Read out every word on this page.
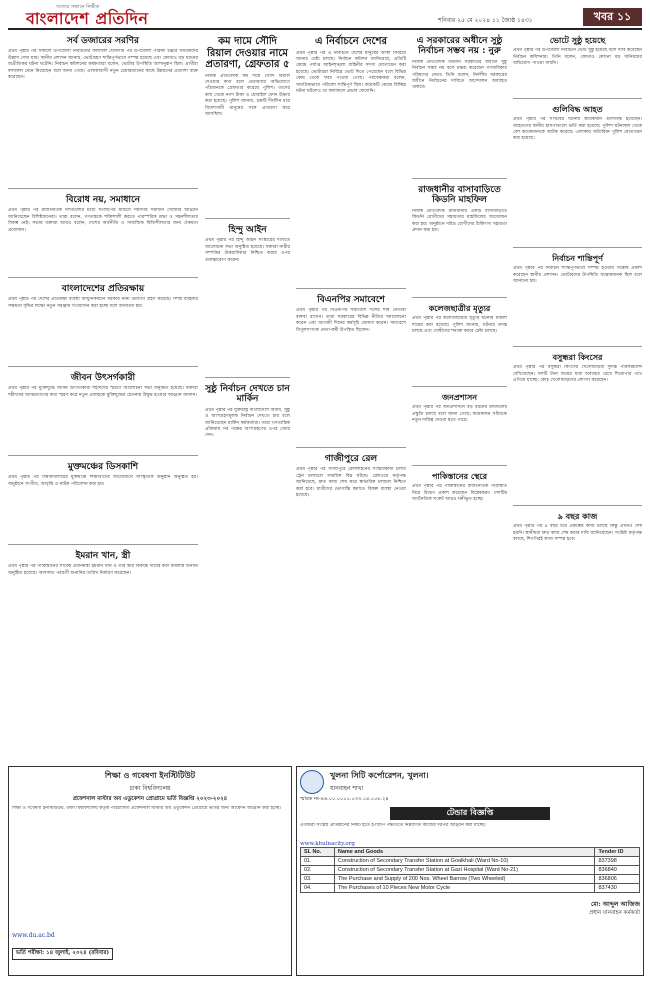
বাংলাদেশ প্রতিদিন
সত্যের সন্ধানে নির্ভীক
শনিবার ২৫ মে ২০২৪ ১১ জ্যৈষ্ঠ ১৪৩১	খবর ১১
সর্ব ডজারের সরণির
প্রথম পৃষ্ঠার পর সকালে উপজেলা নির্বাচনের ফলাফল ঘোষণার পর উপজেলা পরিষদ চত্বরে সমর্থকদের উল্লাস দেখা যায়। স্থানীয় প্রশাসন জানায়, ভোটগ্রহণ শান্তিপূর্ণভাবে সম্পন্ন হয়েছে এবং কোথাও বড় ধরনের অপ্রীতিকর ঘটনা ঘটেনি। নির্বাচন কমিশনের কর্মকর্তারা বলেন, ভোটার উপস্থিতি আশানুরূপ ছিল। প্রার্থীরা ফলাফল মেনে নিয়েছেন বলে জানা গেছে। এলাকাবাসী নতুন চেয়ারম্যানের কাছে উন্নয়নের প্রত্যাশা ব্যক্ত করেছেন।
বিরোধ নয়, সমাধানে
প্রথম পৃষ্ঠার পর রাজনৈতিক দলগুলোর মধ্যে সংলাপের মাধ্যমে সমস্যার সমাধান খোঁজার আহ্বান জানিয়েছেন বিশিষ্টজনেরা। তারা বলেন, গণতন্ত্রকে শক্তিশালী করতে পারস্পরিক শ্রদ্ধা ও সহনশীলতার বিকল্প নেই। সভায় বক্তারা আরও বলেন, দেশের অর্থনীতি ও সামাজিক স্থিতিশীলতার জন্য ঐকমত্য প্রয়োজন।
বাংলাদেশের প্রতিরক্ষায়
প্রথম পৃষ্ঠার পর দেশের প্রতিরক্ষা ব্যবস্থা আধুনিকায়নে সরকার নানা উদ্যোগ গ্রহণ করেছে। সশস্ত্র বাহিনীর সক্ষমতা বৃদ্ধির লক্ষ্যে নতুন সরঞ্জাম সংযোজন করা হচ্ছে বলে জানানো হয়।
জীবন উৎসর্গকারী
প্রথম পৃষ্ঠার পর মুক্তিযুদ্ধে জীবন উৎসর্গকারী শহীদদের স্মরণে আলোচনা সভা অনুষ্ঠিত হয়েছে। বক্তারা শহীদদের আত্মত্যাগের কথা স্মরণ করে নতুন প্রজন্মকে মুক্তিযুদ্ধের চেতনায় উদ্বুদ্ধ হওয়ার আহ্বান জানান।
মুক্তমঞ্চের ডিসকাশি
প্রথম পৃষ্ঠার পর বিশ্ববিদ্যালয়ের মুক্তমঞ্চে শিক্ষার্থীদের আয়োজনে সাংস্কৃতিক অনুষ্ঠান অনুষ্ঠিত হয়। অনুষ্ঠানে সংগীত, আবৃত্তি ও নাটক পরিবেশন করা হয়।
ইমরান খান, স্ত্রী
প্রথম পৃষ্ঠার পর পাকিস্তানের সাবেক প্রধানমন্ত্রী ইমরান খান ও তার স্ত্রীর বিরুদ্ধে দায়ের করা মামলার শুনানি অনুষ্ঠিত হয়েছে। আদালত পরবর্তী শুনানির তারিখ নির্ধারণ করেছেন।
কম দামে সৌদি রিয়াল দেওয়ার নামে প্রতারণা, গ্রেফতার ৫
নিজস্ব প্রতিবেদক কম দামে সৌদি রিয়াল দেওয়ার কথা বলে প্রতারণার অভিযোগে পাঁচজনকে গ্রেফতার করেছে পুলিশ। তাদের কাছ থেকে নগদ টাকা ও মোবাইল ফোন উদ্ধার করা হয়েছে। পুলিশ জানায়, চক্রটি দীর্ঘদিন ধরে বিদেশগামী মানুষের সঙ্গে প্রতারণা করে আসছিল।
হিন্দু আইন
প্রথম পৃষ্ঠার পর হিন্দু আইন সংস্কারের দাবিতে আলোচনা সভা অনুষ্ঠিত হয়েছে। বক্তারা নারীর সম্পত্তির উত্তরাধিকার নিশ্চিত করার ওপর গুরুত্বারোপ করেন।
সুষ্ঠু নির্বাচন দেখতে চান মার্কিন
প্রথম পৃষ্ঠার পর যুক্তরাষ্ট্র বাংলাদেশে অবাধ, সুষ্ঠু ও অংশগ্রহণমূলক নির্বাচন দেখতে চায় বলে জানিয়েছেন মার্কিন কর্মকর্তারা। তারা গণতান্ত্রিক প্রক্রিয়ায় সব পক্ষের অংশগ্রহণের ওপর জোর দেন।
এ নির্বাচনে দেশের
প্রথম পৃষ্ঠার পর এ নির্বাচনে দেশের মানুষের আস্থা ফিরিয়ে আনার চেষ্টা চলছে। নির্বাচন কমিশন জানিয়েছে, প্রতিটি কেন্দ্রে পর্যাপ্ত আইনশৃঙ্খলা বাহিনীর সদস্য মোতায়েন করা হয়েছে। ভোটাররা নির্বিঘ্নে ভোট দিতে পেরেছেন বলে বিভিন্ন কেন্দ্র থেকে খবর পাওয়া গেছে। পর্যবেক্ষকরা বলেন, সামগ্রিকভাবে পরিবেশ শান্তিপূর্ণ ছিল। কয়েকটি কেন্দ্রে বিচ্ছিন্ন ঘটনা ঘটলেও তা ফলাফলে প্রভাব ফেলেনি।
বিএনপির সমাবেশে
প্রথম পৃষ্ঠার পর বিএনপির সমাবেশে দলের শীর্ষ নেতারা বক্তব্য রাখেন। তারা সরকারের বিভিন্ন নীতির সমালোচনা করেন এবং আগামী দিনের কর্মসূচি ঘোষণা করেন। সমাবেশে বিপুলসংখ্যক নেতা-কর্মী উপস্থিত ছিলেন।
গাজীপুরে রেল
প্রথম পৃষ্ঠার পর গাজীপুরে রেললাইনের সংস্কারকাজ চলায় ট্রেন চলাচলে সাময়িক বিঘ্ন ঘটছে। রেলওয়ে কর্তৃপক্ষ জানিয়েছে, দ্রুত কাজ শেষ করে স্বাভাবিক চলাচল নিশ্চিত করা হবে। যাত্রীদের ভোগান্তি কমাতে বিকল্প ব্যবস্থা নেওয়া হয়েছে।
এ সরকারের অধীনে সুষ্ঠু নির্বাচন সম্ভব নয় : নুরু
নিজস্ব প্রতিবেদক বর্তমান সরকারের অধীনে সুষ্ঠু নির্বাচন সম্ভব নয় বলে মন্তব্য করেছেন গণঅধিকার পরিষদের নেতা। তিনি বলেন, নির্দলীয় সরকারের অধীনে নির্বাচনের দাবিতে আন্দোলন অব্যাহত থাকবে।
রাজধানীর বাসাবাড়িতে কিডনি মাহফিল
নিজস্ব প্রতিবেদক রাজধানীর একটি বাসাবাড়িতে কিডনি রোগীদের সহায়তায় মাহফিলের আয়োজন করা হয়। অনুষ্ঠানে দরিদ্র রোগীদের চিকিৎসা সহায়তা প্রদান করা হয়।
কলেজছাত্রীর মৃত্যুর
প্রথম পৃষ্ঠার পর কলেজছাত্রীর মৃত্যুর ঘটনায় মামলা দায়ের করা হয়েছে। পুলিশ জানায়, ঘটনার তদন্ত চলছে এবং দোষীদের শনাক্ত করার চেষ্টা চলছে।
জনপ্রশাসন
প্রথম পৃষ্ঠার পর জনপ্রশাসনে বড় ধরনের রদবদলের প্রস্তুতি চলছে বলে জানা গেছে। কয়েকজন সচিবকে নতুন দায়িত্ব দেওয়া হতে পারে।
পাকিস্তানের স্থেরে
প্রথম পৃষ্ঠার পর পাকিস্তানের রাজনৈতিক পরিস্থিতি নিয়ে উদ্বেগ প্রকাশ করেছেন বিশ্লেষকরা। দেশটির অর্থনৈতিক সংকট আরও ঘনীভূত হচ্ছে।
ভোটে সুষ্ঠু হয়েছে
প্রথম পৃষ্ঠার পর উপজেলা নির্বাচনে ভোট সুষ্ঠু হয়েছে বলে দাবি করেছেন নির্বাচন কমিশনার। তিনি বলেন, কোথাও কোনো বড় অনিয়মের অভিযোগ পাওয়া যায়নি।
গুলিবিদ্ধ আহত
প্রথম পৃষ্ঠার পর সংঘর্ষের ঘটনায় কয়েকজন গুলিবিদ্ধ হয়েছেন। আহতদের স্থানীয় হাসপাতালে ভর্তি করা হয়েছে। পুলিশ ঘটনাস্থল থেকে বেশ কয়েকজনকে আটক করেছে। এলাকায় অতিরিক্ত পুলিশ মোতায়েন করা হয়েছে।
নির্বাচন শান্তিপূর্ণ
প্রথম পৃষ্ঠার পর নির্বাচন শান্তিপূর্ণভাবে সম্পন্ন হওয়ায় সন্তোষ প্রকাশ করেছেন স্থানীয় প্রশাসন। ভোটারদের উপস্থিতি সন্তোষজনক ছিল বলে জানানো হয়।
বসুন্ধরা কিংসের
প্রথম পৃষ্ঠার পর বসুন্ধরা কিংসের খেলোয়াড়রা দুর্দান্ত পারফরম্যান্স দেখিয়েছেন। দলটি টানা জয়ের ধারা অব্যাহত রেখে শিরোপার পথে এগিয়ে যাচ্ছে। কোচ খেলোয়াড়দের প্রশংসা করেছেন।
৯ বছর কাজ
প্রথম পৃষ্ঠার পর ৯ বছর ধরে প্রকল্পের কাজ চলছে কিন্তু এখনও শেষ হয়নি। স্থানীয়রা দ্রুত কাজ শেষ করার দাবি জানিয়েছেন। সংশ্লিষ্ট কর্তৃপক্ষ বলছে, শিগগিরই কাজ সম্পন্ন হবে।
শিক্ষা ও গবেষণা ইনস্টিটিউট
ঢাকা বিশ্ববিদ্যালয়
প্রফেশনাল মাস্টার অব এডুকেশন প্রোগ্রামে ভর্তি বিজ্ঞপ্তি ২০২৩-২০২৪
শিক্ষা ও গবেষণা ইনস্টিটিউট, ঢাকা বিশ্ববিদ্যালয় কর্তৃক পরিচালিত প্রফেশনাল মাস্টার অব এডুকেশন প্রোগ্রামে ভর্তির জন্য আবেদন আহ্বান করা হচ্ছে।
www.du.ac.bd
ভর্তি পরীক্ষা: ১৪ জুলাই, ২০২৪ (রবিবার)
খুলনা সিটি কর্পোরেশন, খুলনা।
যানবাহন শাখা
স্মারক নং-৪৬.০০.০০০০.০৩৩.১৪.০০৮.২৪
টেন্ডার বিজ্ঞপ্তি
এতদ্বারা সংশ্লিষ্ট প্রতিষ্ঠানের নিকট হতে ই-জিপি পদ্ধতিতে নিম্নবর্ণিত কাজের দরপত্র আহ্বান করা যাচ্ছে।
www.khulnacity.org
SL No.	Name and Goods	Tender ID
01.	Construction of Secondary Transfer Station at Goalkhali (Ward No-10)	837398
02.	Construction of Secondary Transfer Station at Gazi Hospital (Ward No-21)	836840
03.	The Purchase and Supply of 200 Nos. Wheel Barrow (Two Wheeled)	836806
04.	The Purchases of 10 Pieces New Motor Cycle	837430
মো: আব্দুল আজিজ
প্রধান যানবাহন কর্মকর্তা
